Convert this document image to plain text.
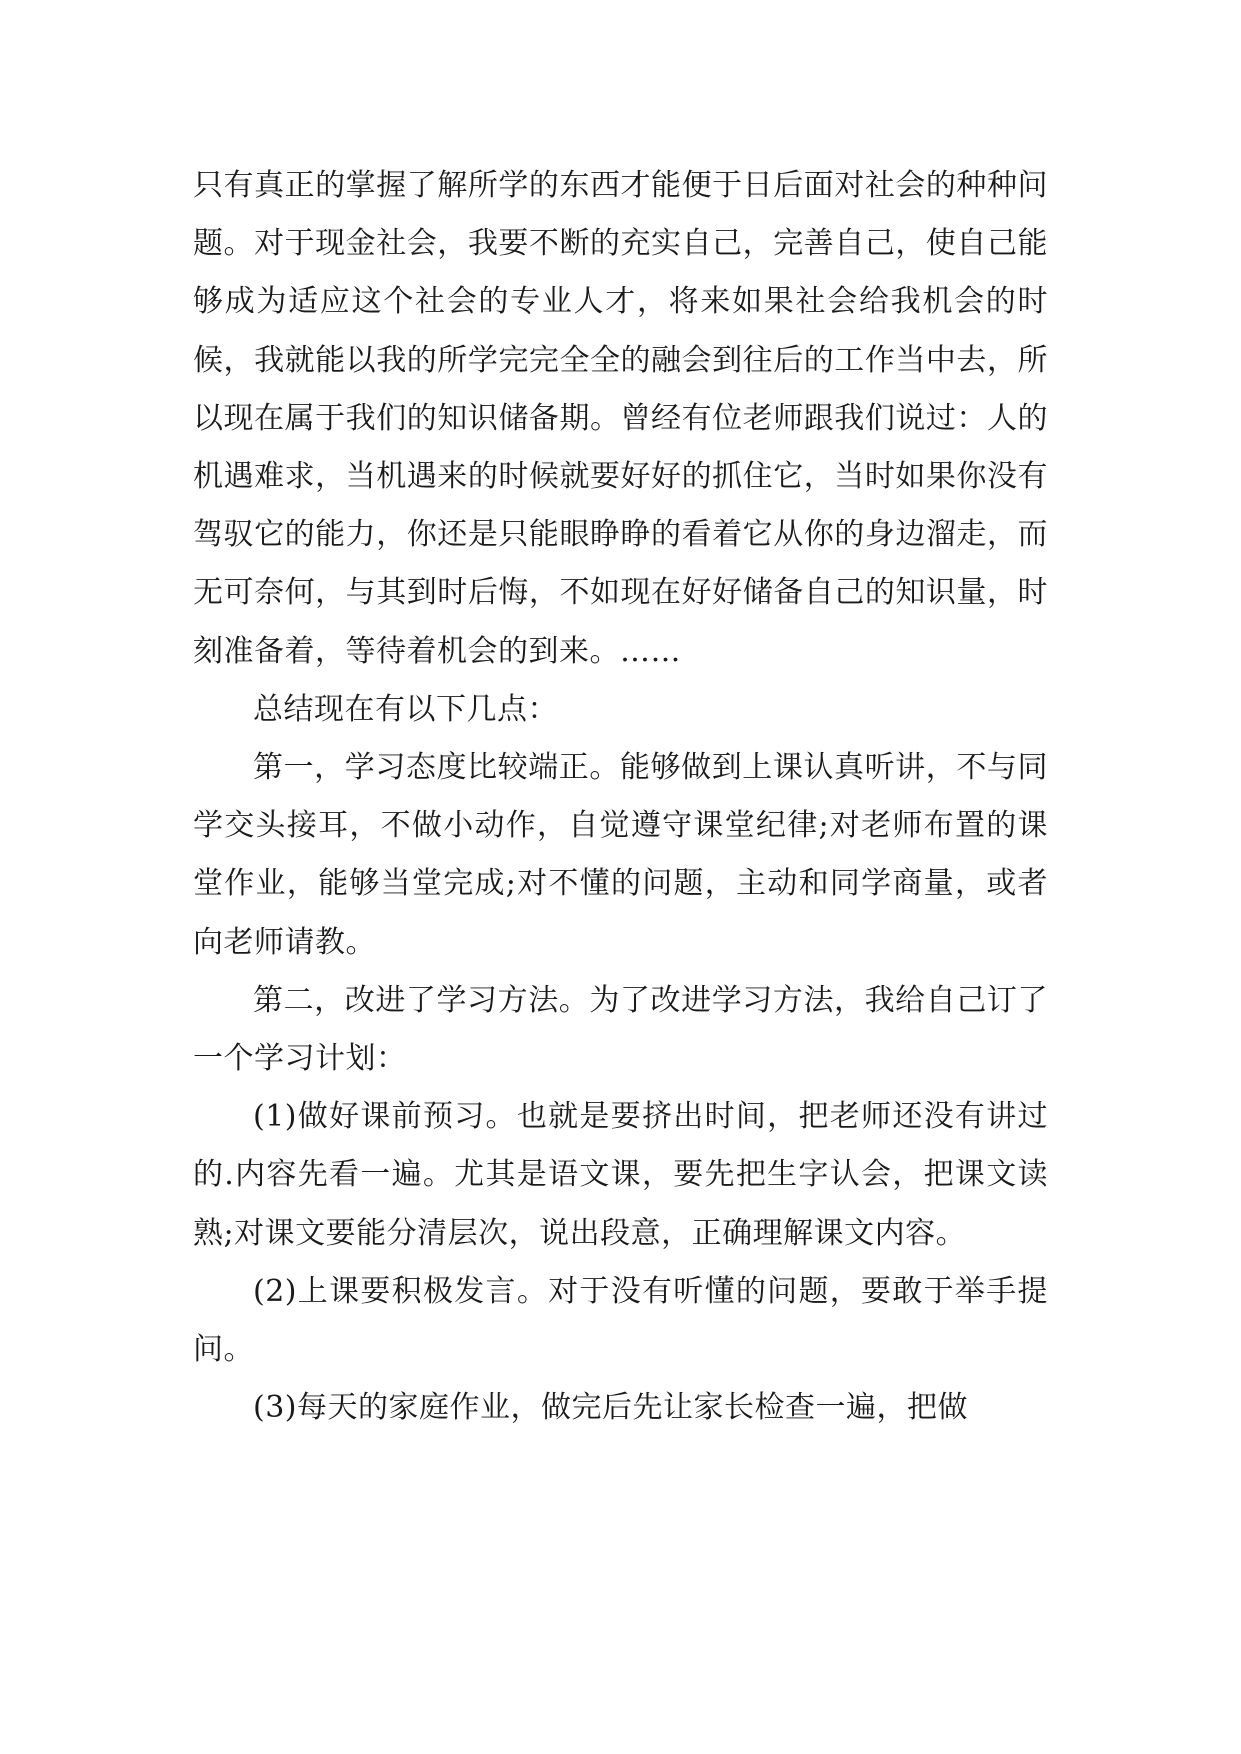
只有真正的掌握了解所学的东西才能便于日后面对社会的种种问题。对于现金社会，我要不断的充实自己，完善自己，使自己能够成为适应这个社会的专业人才，将来如果社会给我机会的时候，我就能以我的所学完完全全的融会到往后的工作当中去，所以现在属于我们的知识储备期。曾经有位老师跟我们说过：人的机遇难求，当机遇来的时候就要好好的抓住它，当时如果你没有驾驭它的能力，你还是只能眼睁睁的看着它从你的身边溜走，而无可奈何，与其到时后悔，不如现在好好储备自己的知识量，时刻准备着，等待着机会的到来。……

总结现在有以下几点：

第一，学习态度比较端正。能够做到上课认真听讲，不与同学交头接耳，不做小动作，自觉遵守课堂纪律;对老师布置的课堂作业，能够当堂完成;对不懂的问题，主动和同学商量，或者向老师请教。

第二，改进了学习方法。为了改进学习方法，我给自己订了一个学习计划：

(1)做好课前预习。也就是要挤出时间，把老师还没有讲过的.内容先看一遍。尤其是语文课，要先把生字认会，把课文读熟;对课文要能分清层次，说出段意，正确理解课文内容。

(2)上课要积极发言。对于没有听懂的问题，要敢于举手提问。

(3)每天的家庭作业，做完后先让家长检查一遍，把做
